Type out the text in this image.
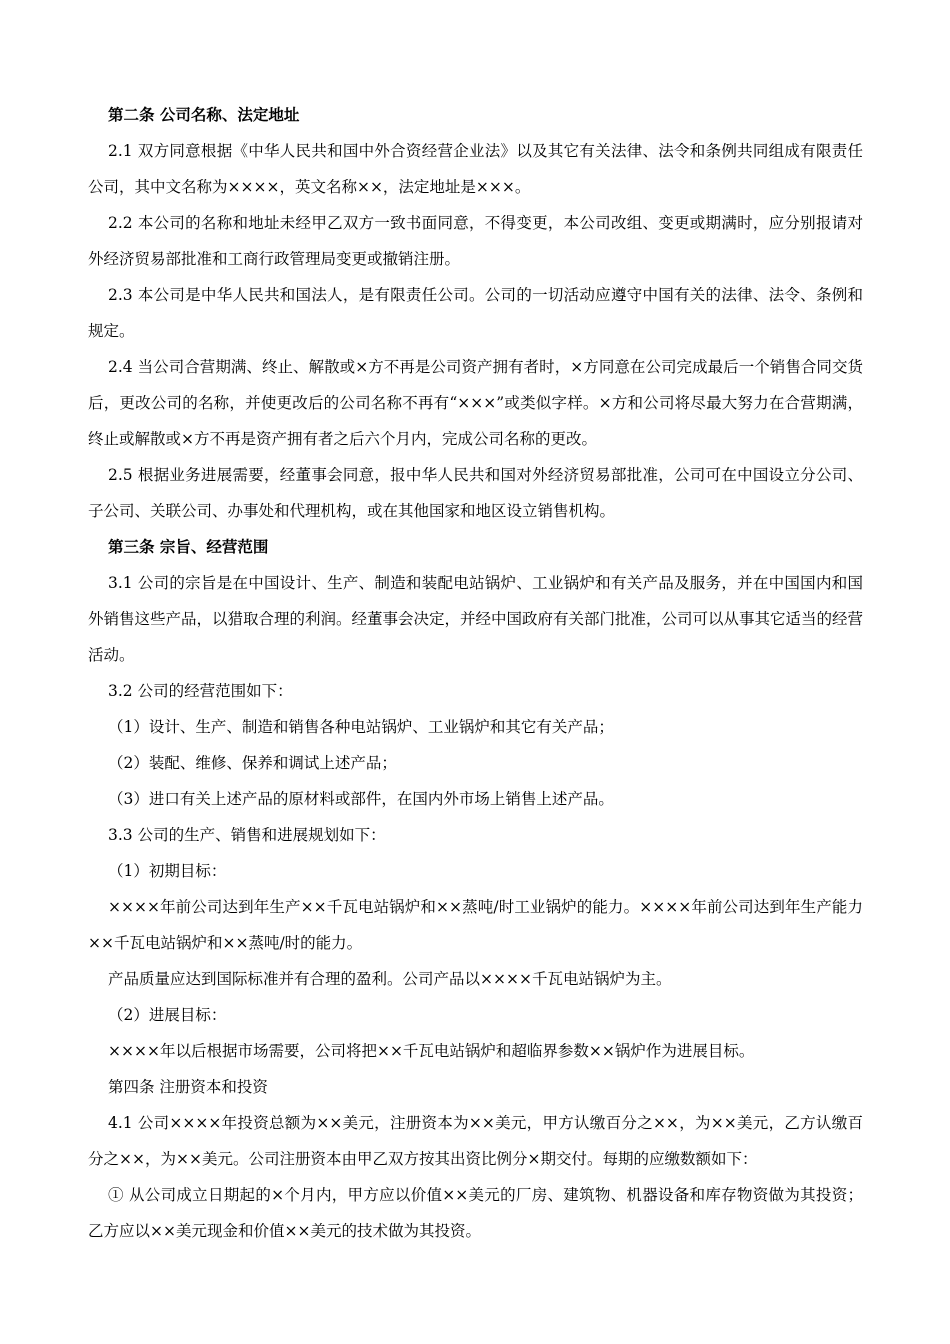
第二条 公司名称、法定地址

2.1 双方同意根据《中华人民共和国中外合资经营企业法》以及其它有关法律、法令和条例共同组成有限责任公司，其中文名称为××××，英文名称××，法定地址是×××。

2.2 本公司的名称和地址未经甲乙双方一致书面同意，不得变更，本公司改组、变更或期满时，应分别报请对外经济贸易部批准和工商行政管理局变更或撤销注册。

2.3 本公司是中华人民共和国法人，是有限责任公司。公司的一切活动应遵守中国有关的法律、法令、条例和规定。

2.4 当公司合营期满、终止、解散或×方不再是公司资产拥有者时，×方同意在公司完成最后一个销售合同交货后，更改公司的名称，并使更改后的公司名称不再有“×××”或类似字样。×方和公司将尽最大努力在合营期满，终止或解散或×方不再是资产拥有者之后六个月内，完成公司名称的更改。

2.5 根据业务进展需要，经董事会同意，报中华人民共和国对外经济贸易部批准，公司可在中国设立分公司、子公司、关联公司、办事处和代理机构，或在其他国家和地区设立销售机构。

第三条 宗旨、经营范围

3.1 公司的宗旨是在中国设计、生产、制造和装配电站锅炉、工业锅炉和有关产品及服务，并在中国国内和国外销售这些产品，以猎取合理的利润。经董事会决定，并经中国政府有关部门批准，公司可以从事其它适当的经营活动。

3.2 公司的经营范围如下：

（1）设计、生产、制造和销售各种电站锅炉、工业锅炉和其它有关产品；

（2）装配、维修、保养和调试上述产品；

（3）进口有关上述产品的原材料或部件，在国内外市场上销售上述产品。

3.3 公司的生产、销售和进展规划如下：

（1）初期目标：

××××年前公司达到年生产××千瓦电站锅炉和××蒸吨/时工业锅炉的能力。××××年前公司达到年生产能力××千瓦电站锅炉和××蒸吨/时的能力。

产品质量应达到国际标准并有合理的盈利。公司产品以××××千瓦电站锅炉为主。

（2）进展目标：

××××年以后根据市场需要，公司将把××千瓦电站锅炉和超临界参数××锅炉作为进展目标。

第四条 注册资本和投资

4.1 公司××××年投资总额为××美元，注册资本为××美元，甲方认缴百分之××，为××美元，乙方认缴百分之××，为××美元。公司注册资本由甲乙双方按其出资比例分×期交付。每期的应缴数额如下：

① 从公司成立日期起的×个月内，甲方应以价值××美元的厂房、建筑物、机器设备和库存物资做为其投资；乙方应以××美元现金和价值××美元的技术做为其投资。
